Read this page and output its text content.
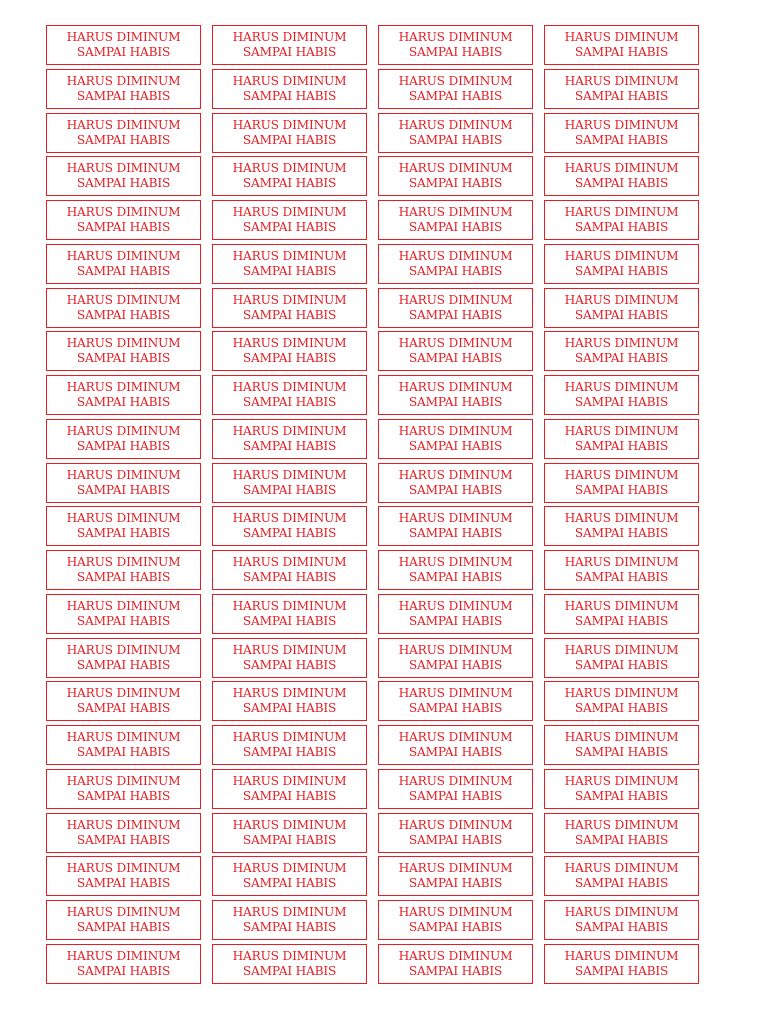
HARUS DIMINUM
SAMPAI HABIS
HARUS DIMINUM
SAMPAI HABIS
HARUS DIMINUM
SAMPAI HABIS
HARUS DIMINUM
SAMPAI HABIS
HARUS DIMINUM
SAMPAI HABIS
HARUS DIMINUM
SAMPAI HABIS
HARUS DIMINUM
SAMPAI HABIS
HARUS DIMINUM
SAMPAI HABIS
HARUS DIMINUM
SAMPAI HABIS
HARUS DIMINUM
SAMPAI HABIS
HARUS DIMINUM
SAMPAI HABIS
HARUS DIMINUM
SAMPAI HABIS
HARUS DIMINUM
SAMPAI HABIS
HARUS DIMINUM
SAMPAI HABIS
HARUS DIMINUM
SAMPAI HABIS
HARUS DIMINUM
SAMPAI HABIS
HARUS DIMINUM
SAMPAI HABIS
HARUS DIMINUM
SAMPAI HABIS
HARUS DIMINUM
SAMPAI HABIS
HARUS DIMINUM
SAMPAI HABIS
HARUS DIMINUM
SAMPAI HABIS
HARUS DIMINUM
SAMPAI HABIS
HARUS DIMINUM
SAMPAI HABIS
HARUS DIMINUM
SAMPAI HABIS
HARUS DIMINUM
SAMPAI HABIS
HARUS DIMINUM
SAMPAI HABIS
HARUS DIMINUM
SAMPAI HABIS
HARUS DIMINUM
SAMPAI HABIS
HARUS DIMINUM
SAMPAI HABIS
HARUS DIMINUM
SAMPAI HABIS
HARUS DIMINUM
SAMPAI HABIS
HARUS DIMINUM
SAMPAI HABIS
HARUS DIMINUM
SAMPAI HABIS
HARUS DIMINUM
SAMPAI HABIS
HARUS DIMINUM
SAMPAI HABIS
HARUS DIMINUM
SAMPAI HABIS
HARUS DIMINUM
SAMPAI HABIS
HARUS DIMINUM
SAMPAI HABIS
HARUS DIMINUM
SAMPAI HABIS
HARUS DIMINUM
SAMPAI HABIS
HARUS DIMINUM
SAMPAI HABIS
HARUS DIMINUM
SAMPAI HABIS
HARUS DIMINUM
SAMPAI HABIS
HARUS DIMINUM
SAMPAI HABIS
HARUS DIMINUM
SAMPAI HABIS
HARUS DIMINUM
SAMPAI HABIS
HARUS DIMINUM
SAMPAI HABIS
HARUS DIMINUM
SAMPAI HABIS
HARUS DIMINUM
SAMPAI HABIS
HARUS DIMINUM
SAMPAI HABIS
HARUS DIMINUM
SAMPAI HABIS
HARUS DIMINUM
SAMPAI HABIS
HARUS DIMINUM
SAMPAI HABIS
HARUS DIMINUM
SAMPAI HABIS
HARUS DIMINUM
SAMPAI HABIS
HARUS DIMINUM
SAMPAI HABIS
HARUS DIMINUM
SAMPAI HABIS
HARUS DIMINUM
SAMPAI HABIS
HARUS DIMINUM
SAMPAI HABIS
HARUS DIMINUM
SAMPAI HABIS
HARUS DIMINUM
SAMPAI HABIS
HARUS DIMINUM
SAMPAI HABIS
HARUS DIMINUM
SAMPAI HABIS
HARUS DIMINUM
SAMPAI HABIS
HARUS DIMINUM
SAMPAI HABIS
HARUS DIMINUM
SAMPAI HABIS
HARUS DIMINUM
SAMPAI HABIS
HARUS DIMINUM
SAMPAI HABIS
HARUS DIMINUM
SAMPAI HABIS
HARUS DIMINUM
SAMPAI HABIS
HARUS DIMINUM
SAMPAI HABIS
HARUS DIMINUM
SAMPAI HABIS
HARUS DIMINUM
SAMPAI HABIS
HARUS DIMINUM
SAMPAI HABIS
HARUS DIMINUM
SAMPAI HABIS
HARUS DIMINUM
SAMPAI HABIS
HARUS DIMINUM
SAMPAI HABIS
HARUS DIMINUM
SAMPAI HABIS
HARUS DIMINUM
SAMPAI HABIS
HARUS DIMINUM
SAMPAI HABIS
HARUS DIMINUM
SAMPAI HABIS
HARUS DIMINUM
SAMPAI HABIS
HARUS DIMINUM
SAMPAI HABIS
HARUS DIMINUM
SAMPAI HABIS
HARUS DIMINUM
SAMPAI HABIS
HARUS DIMINUM
SAMPAI HABIS
HARUS DIMINUM
SAMPAI HABIS
HARUS DIMINUM
SAMPAI HABIS
